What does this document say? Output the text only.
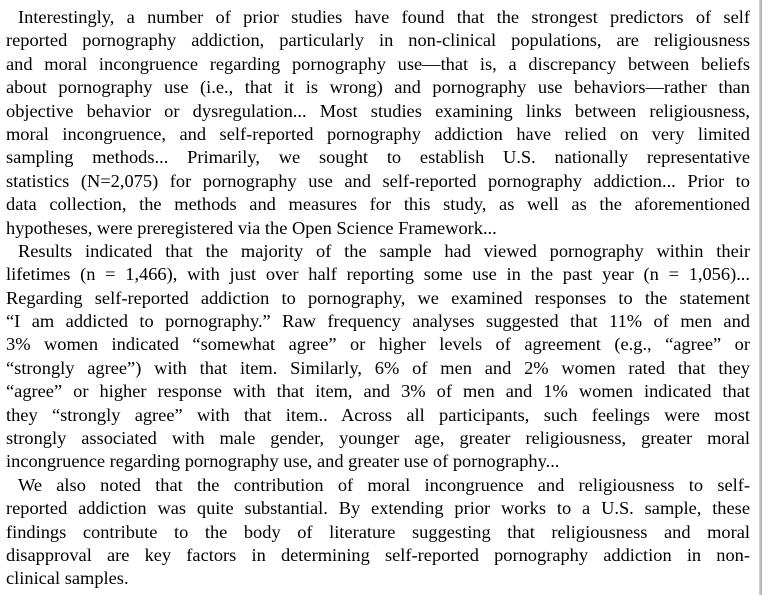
Interestingly, a number of prior studies have found that the strongest predictors of self
reported pornography addiction, particularly in non-clinical populations, are religiousness
and moral incongruence regarding pornography use—that is, a discrepancy between beliefs
about pornography use (i.e., that it is wrong) and pornography use behaviors—rather than
objective behavior or dysregulation... Most studies examining links between religiousness,
moral incongruence, and self-reported pornography addiction have relied on very limited
sampling methods... Primarily, we sought to establish U.S. nationally representative
statistics (N=2,075) for pornography use and self-reported pornography addiction... Prior to
data collection, the methods and measures for this study, as well as the aforementioned
hypotheses, were preregistered via the Open Science Framework...
Results indicated that the majority of the sample had viewed pornography within their
lifetimes (n = 1,466), with just over half reporting some use in the past year (n = 1,056)...
Regarding self-reported addiction to pornography, we examined responses to the statement
“I am addicted to pornography.” Raw frequency analyses suggested that 11% of men and
3% women indicated “somewhat agree” or higher levels of agreement (e.g., “agree” or
“strongly agree”) with that item. Similarly, 6% of men and 2% women rated that they
“agree” or higher response with that item, and 3% of men and 1% women indicated that
they “strongly agree” with that item.. Across all participants, such feelings were most
strongly associated with male gender, younger age, greater religiousness, greater moral
incongruence regarding pornography use, and greater use of pornography...
We also noted that the contribution of moral incongruence and religiousness to self-
reported addiction was quite substantial. By extending prior works to a U.S. sample, these
findings contribute to the body of literature suggesting that religiousness and moral
disapproval are key factors in determining self-reported pornography addiction in non-
clinical samples.
